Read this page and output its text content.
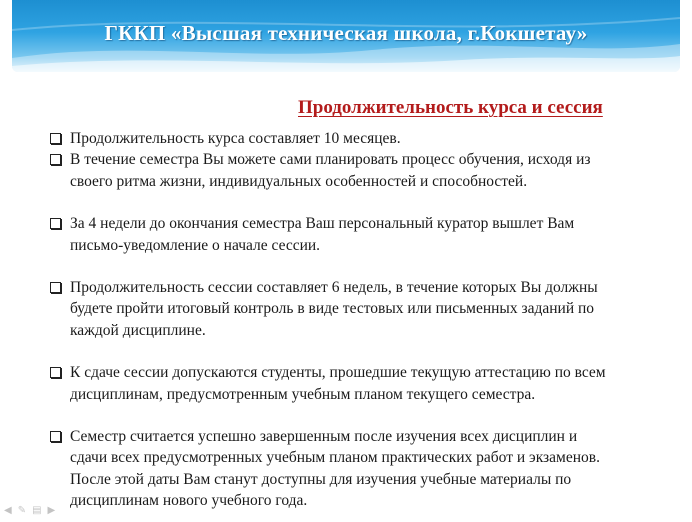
ГККП «Высшая техническая школа, г.Кокшетау»
Продолжительность курса и сессия
Продолжительность курса составляет 10 месяцев.
В течение семестра Вы можете сами планировать процесс обучения, исходя из
своего ритма жизни, индивидуальных особенностей и способностей.
За 4 недели до окончания семестра Ваш персональный куратор вышлет Вам
письмо-уведомление о начале сессии.
Продолжительность сессии составляет 6 недель, в течение которых Вы должны
будете пройти итоговый контроль в виде тестовых или письменных заданий по
каждой дисциплине.
К сдаче сессии допускаются студенты, прошедшие текущую аттестацию по всем
дисциплинам, предусмотренным учебным планом текущего семестра.
Семестр считается успешно завершенным после изучения всех дисциплин и
сдачи всех предусмотренных учебным планом практических работ и экзаменов.
После этой даты Вам станут доступны для изучения учебные материалы по
дисциплинам нового учебного года.
◀ ✎ ▤ ▶
